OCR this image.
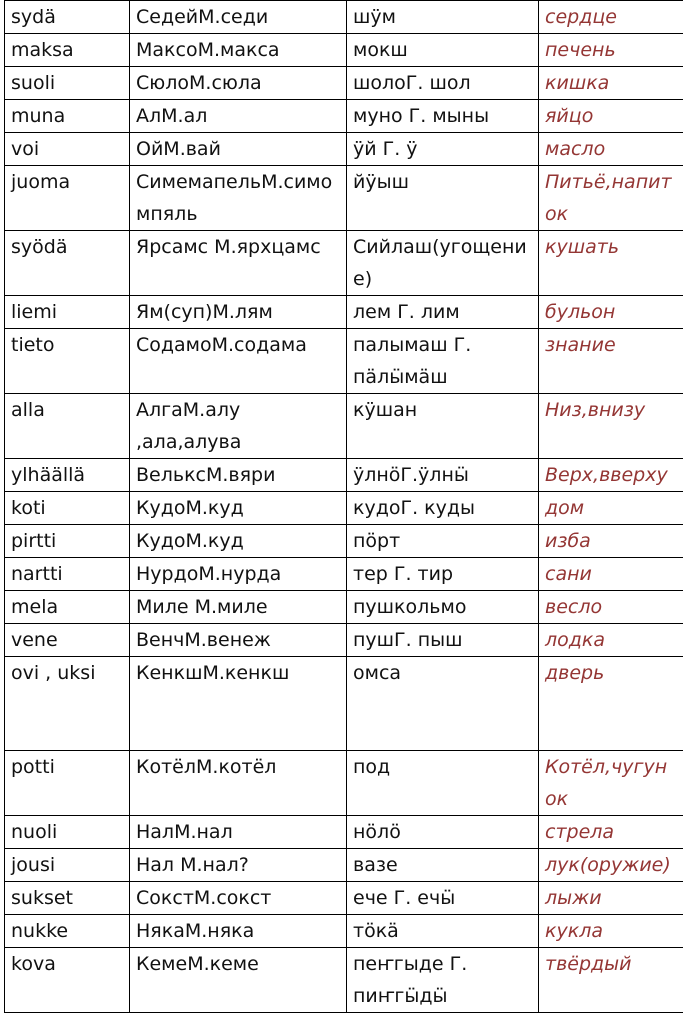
sydä	СедейМ.седи	шӱм	сердце
maksa	МаксоМ.макса	мокш	печень
suoli	СюлоМ.сюла	шолоГ. шол	кишка
muna	АлМ.ал	муно Г. мыны	яйцо
voi	ОйМ.вай	ӱй Г. ӱ	масло
juoma	СимемапельМ.симомпяль	йӱыш	Питьё,напиток
syödä	Ярсамс М.ярхцамс	Сийлаш(угощение)	кушать
liemi	Ям(суп)М.лям	лем Г. лим	бульон
tieto	СодамоМ.содама	палымаш Г. пӓлӹмӓш	знание
alla	АлгаМ.алу ,ала,алува	кӱшан	Низ,внизу
ylhäällä	ВельксМ.вяри	ӱлнӧГ.ӱлнӹ	Верх,вверху
koti	КудоМ.куд	кудоГ. куды	дом
pirtti	КудоМ.куд	пӧрт	изба
nartti	НурдоМ.нурда	тер Г. тир	сани
mela	Миле М.миле	пушкольмо	весло
vene	ВенчМ.венеж	пушГ. пыш	лодка
ovi , uksi	КенкшМ.кенкш	омса	дверь
potti	КотёлМ.котёл	под	Котёл,чугунок
nuoli	НалМ.нал	нӧлӧ	стрела
jousi	Нал М.нал?	вазе	лук(оружие)
sukset	СокстМ.сокст	ече Г. ечӹ	лыжи
nukke	НякаМ.няка	тӧкӓ	кукла
kova	КемеМ.кеме	пеҥгыде Г. пиҥгӹдӹ	твёрдый
